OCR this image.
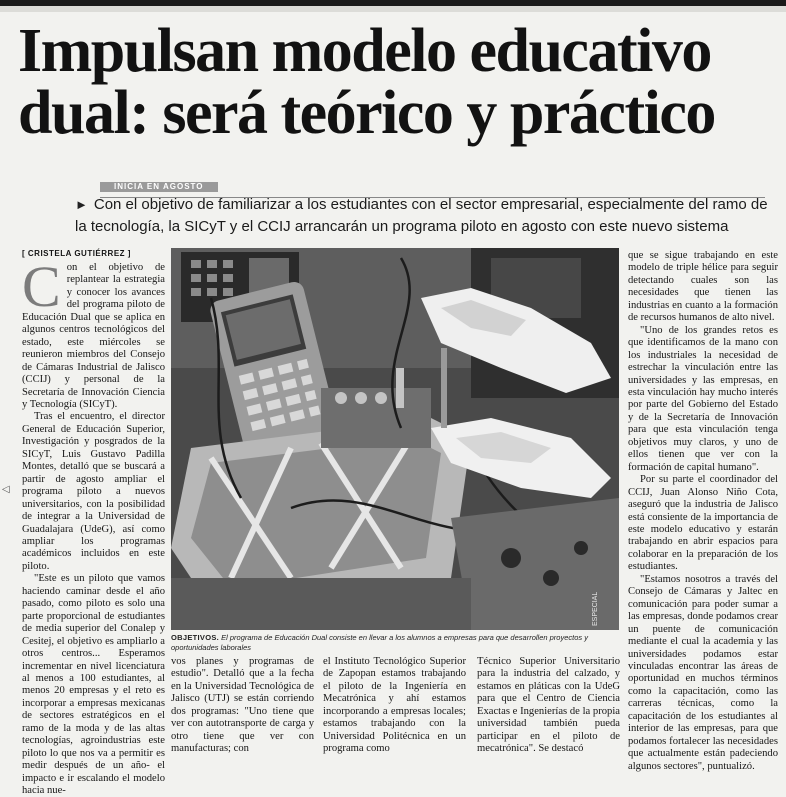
Impulsan modelo educativo
dual: será teórico y práctico
INICIA EN AGOSTO
► Con el objetivo de familiarizar a los estudiantes con el sector empresarial, especialmente del ramo de la tecnología, la SICyT y el CCIJ arrancarán un programa piloto en agosto con este nuevo sistema
[ CRISTELA GUTIÉRREZ ]
C on el objetivo de replantear la estrategia y conocer los avances del programa piloto de Educación Dual que se aplica en algunos centros tecnológicos del estado, este miércoles se reunieron miembros del Consejo de Cámaras Industrial de Jalisco (CCIJ) y personal de la Secretaría de Innovación Ciencia y Tecnología (SICyT).

Tras el encuentro, el director General de Educación Superior, Investigación y posgrados de la SICyT, Luis Gustavo Padilla Montes, detalló que se buscará a partir de agosto ampliar el programa piloto a nuevos universitarios, con la posibilidad de integrar a la Universidad de Guadalajara (UdeG), así como ampliar los programas académicos incluidos en este piloto.

"Este es un piloto que vamos haciendo caminar desde el año pasado, como piloto es solo una parte proporcional de estudiantes de media superior del Conalep y Cesitej, el objetivo es ampliarlo a otros centros... Esperamos incrementar en nivel licenciatura al menos a 100 estudiantes, al menos 20 empresas y el reto es incorporar a empresas mexicanas de sectores estratégicos en el ramo de la moda y de las altas tecnologías, agroindustrias este piloto lo que nos va a permitir es medir después de un año- el impacto e ir escalando el modelo hacia nue-

ESPECIAL
OBJETIVOS. El programa de Educación Dual consiste en llevar a los alumnos a empresas para que desarrollen proyectos y oportunidades laborales

vos planes y programas de estudio". Detalló que a la fecha en la Universidad Tecnológica de Jalisco (UTJ) se están corriendo dos programas: "Uno tiene que ver con autotransporte de carga y otro tiene que ver con manufacturas; con

el Instituto Tecnológico Superior de Zapopan estamos trabajando el piloto de la Ingeniería en Mecatrónica y ahí estamos incorporando a empresas locales; estamos trabajando con la Universidad Politécnica en un programa como

Técnico Superior Universitario para la industria del calzado, y estamos en pláticas con la UdeG para que el Centro de Ciencia Exactas e Ingenierías de la propia universidad también pueda participar en el piloto de mecatrónica". Se destacó

que se sigue trabajando en este modelo de triple hélice para seguir detectando cuales son las necesidades que tienen las industrias en cuanto a la formación de recursos humanos de alto nivel.

"Uno de los grandes retos es que identificamos de la mano con los industriales la necesidad de estrechar la vinculación entre las universidades y las empresas, en esta vinculación hay mucho interés por parte del Gobierno del Estado y de la Secretaría de Innovación para que esta vinculación tenga objetivos muy claros, y uno de ellos tienen que ver con la formación de capital humano".

Por su parte el coordinador del CCIJ, Juan Alonso Niño Cota, aseguró que la industria de Jalisco está consiente de la importancia de este modelo educativo y estarán trabajando en abrir espacios para colaborar en la preparación de los estudiantes.

"Estamos nosotros a través del Consejo de Cámaras y Jaltec en comunicación para poder sumar a las empresas, donde podamos crear un puente de comunicación mediante el cual la academia y las universidades podamos estar vinculadas encontrar las áreas de oportunidad en muchos términos como la capacitación, como las carreras técnicas, como la capacitación de los estudiantes al interior de las empresas, para que podamos fortalecer las necesidades que actualmente están padeciendo algunos sectores", puntualizó.

◁
